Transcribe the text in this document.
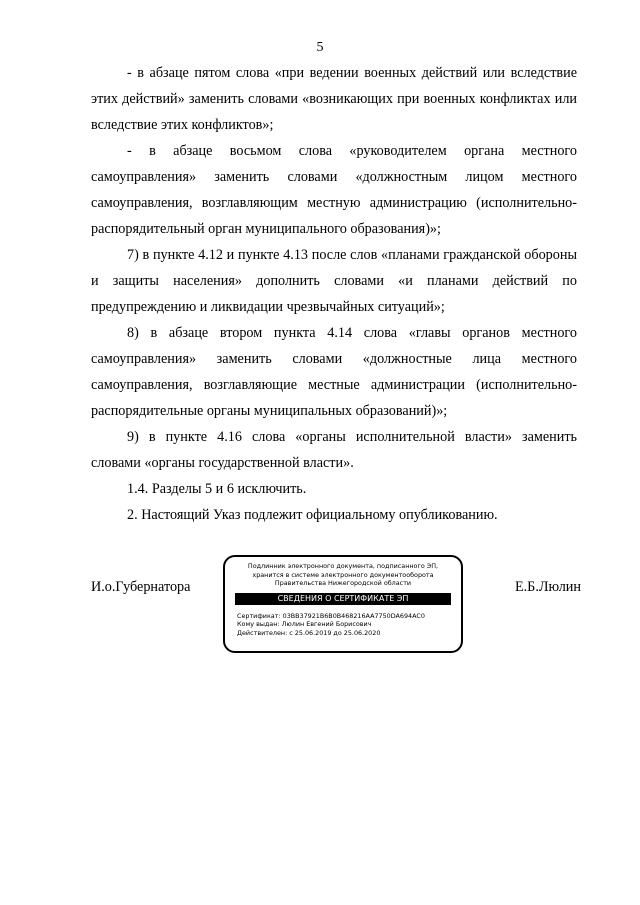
5

- в абзаце пятом слова «при ведении военных действий или вследствие этих действий» заменить словами «возникающих при военных конфликтах или вследствие этих конфликтов»;

- в абзаце восьмом слова «руководителем органа местного самоуправления» заменить словами «должностным лицом местного самоуправления, возглавляющим местную администрацию (исполнительно-распорядительный орган муниципального образования)»;

7) в пункте 4.12 и пункте 4.13 после слов «планами гражданской обороны и защиты населения» дополнить словами «и планами действий по предупреждению и ликвидации чрезвычайных ситуаций»;

8) в абзаце втором пункта 4.14 слова «главы органов местного самоуправления» заменить словами «должностные лица местного самоуправления, возглавляющие местные администрации (исполнительно-распорядительные органы муниципальных образований)»;

9) в пункте 4.16 слова «органы исполнительной власти» заменить словами «органы государственной власти».

1.4. Разделы 5 и 6 исключить.

2. Настоящий Указ подлежит официальному опубликованию.

И.о.Губернатора
Подлинник электронного документа, подписанного ЭП,
хранится в системе электронного документооборота
Правительства Нижегородской области
СВЕДЕНИЯ О СЕРТИФИКАТЕ ЭП
Сертификат: 03BB37921B6B0B468216AA7750DA694AC0
Кому выдан: Люлин Евгений Борисович
Действителен: с 25.06.2019 до 25.06.2020
Е.Б.Люлин
